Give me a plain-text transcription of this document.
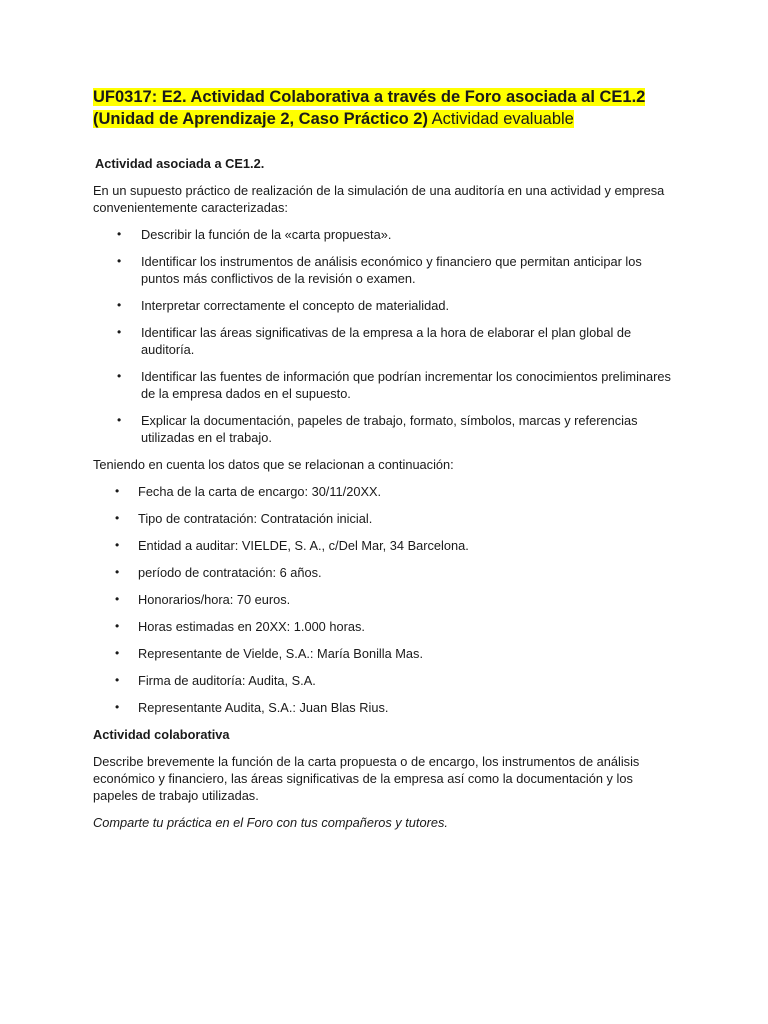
UF0317: E2. Actividad Colaborativa a través de Foro asociada al CE1.2 (Unidad de Aprendizaje 2, Caso Práctico 2) Actividad evaluable
Actividad asociada a CE1.2.

En un supuesto práctico de realización de la simulación de una auditoría en una actividad y empresa convenientemente caracterizadas:

• Describir la función de la «carta propuesta».
• Identificar los instrumentos de análisis económico y financiero que permitan anticipar los puntos más conflictivos de la revisión o examen.
• Interpretar correctamente el concepto de materialidad.
• Identificar las áreas significativas de la empresa a la hora de elaborar el plan global de auditoría.
• Identificar las fuentes de información que podrían incrementar los conocimientos preliminares de la empresa dados en el supuesto.
• Explicar la documentación, papeles de trabajo, formato, símbolos, marcas y referencias utilizadas en el trabajo.

Teniendo en cuenta los datos que se relacionan a continuación:

• Fecha de la carta de encargo: 30/11/20XX.
• Tipo de contratación: Contratación inicial.
• Entidad a auditar: VIELDE, S. A., c/Del Mar, 34 Barcelona.
• período de contratación: 6 años.
• Honorarios/hora: 70 euros.
• Horas estimadas en 20XX: 1.000 horas.
• Representante de Vielde, S.A.: María Bonilla Mas.
• Firma de auditoría: Audita, S.A.
• Representante Audita, S.A.: Juan Blas Rius.
Actividad colaborativa

Describe brevemente la función de la carta propuesta o de encargo, los instrumentos de análisis económico y financiero, las áreas significativas de la empresa así como la documentación y los papeles de trabajo utilizadas.

Comparte tu práctica en el Foro con tus compañeros y tutores.
